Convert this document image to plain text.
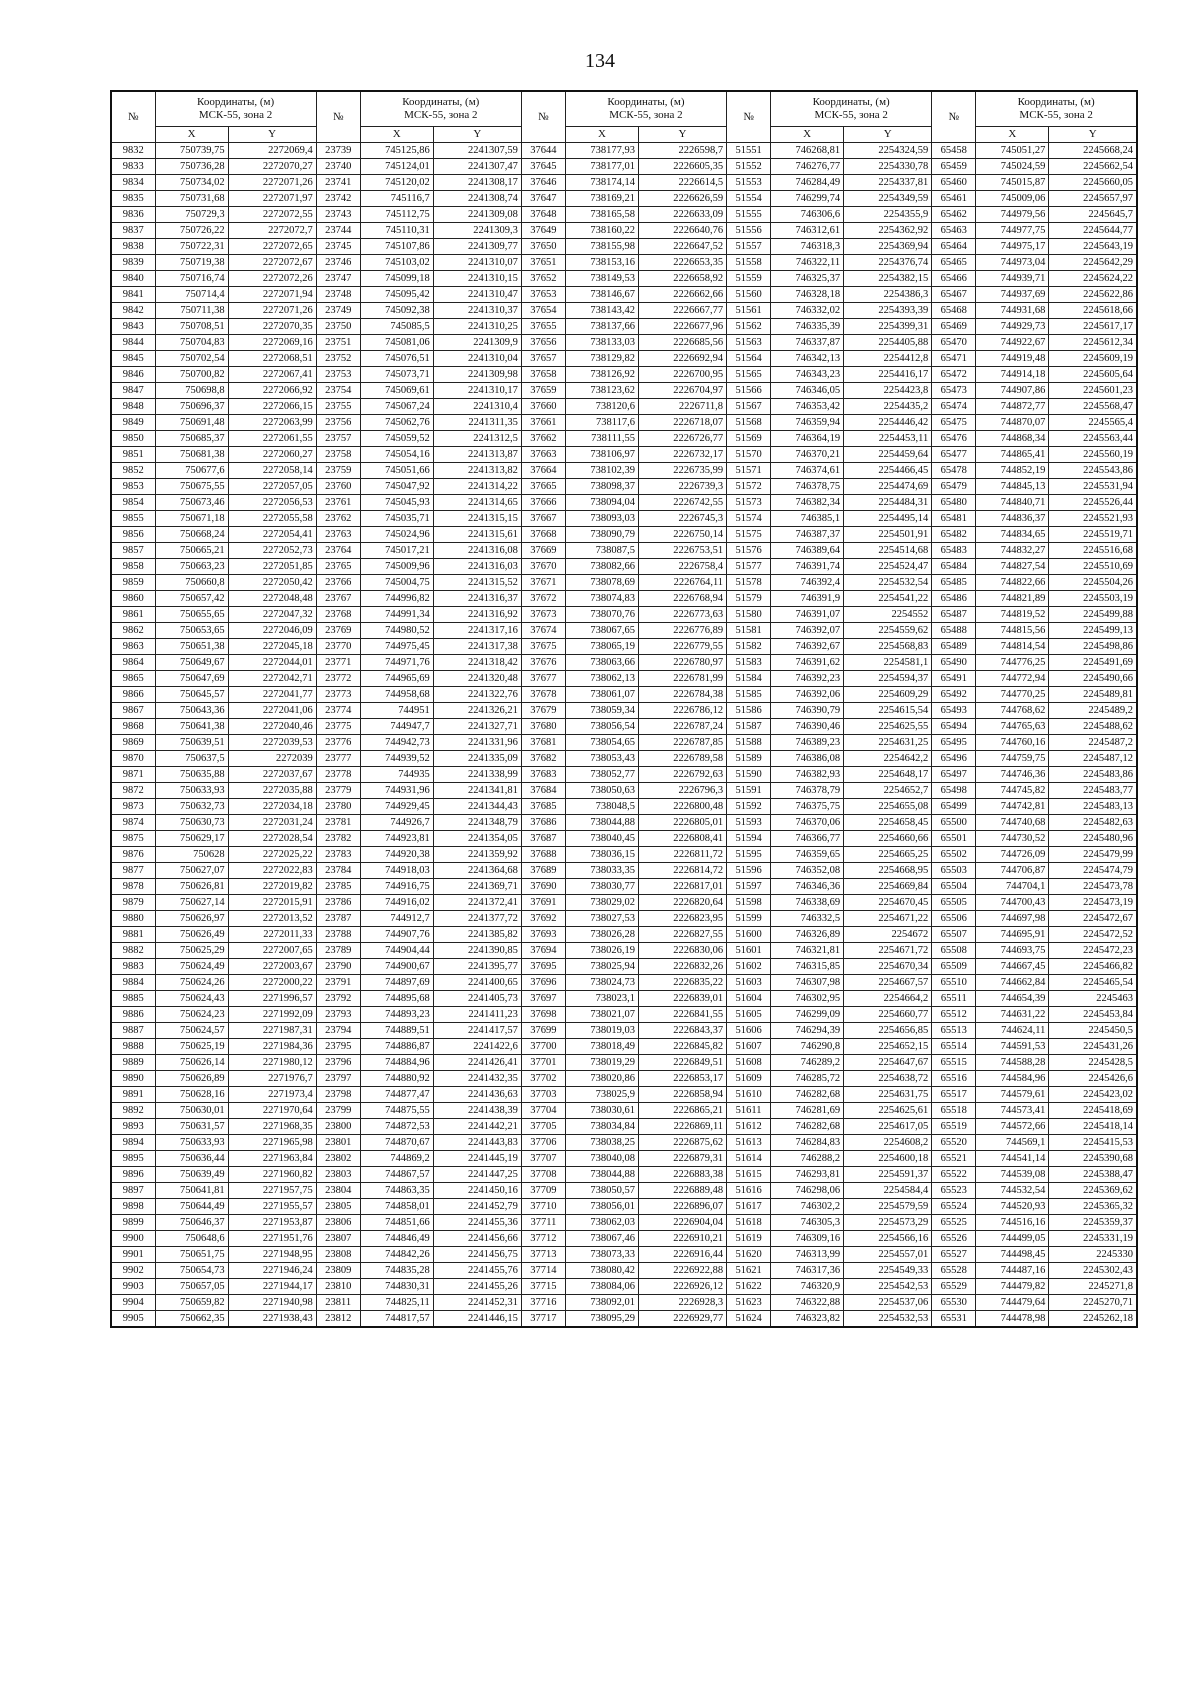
134
№	Координаты, (м)
МСК-55, зона 2		№	Координаты, (м)
МСК-55, зона 2		№	Координаты, (м)
МСК-55, зона 2		№	Координаты, (м)
МСК-55, зона 2		№	Координаты, (м)
МСК-55, зона 2	
	X	Y		X	Y		X	Y		X	Y		X	Y
9832	750739,75	2272069,4	23739	745125,86	2241307,59	37644	738177,93	2226598,7	51551	746268,81	2254324,59	65458	745051,27	2245668,24
9833	750736,28	2272070,27	23740	745124,01	2241307,47	37645	738177,01	2226605,35	51552	746276,77	2254330,78	65459	745024,59	2245662,54
9834	750734,02	2272071,26	23741	745120,02	2241308,17	37646	738174,14	2226614,5	51553	746284,49	2254337,81	65460	745015,87	2245660,05
9835	750731,68	2272071,97	23742	745116,7	2241308,74	37647	738169,21	2226626,59	51554	746299,74	2254349,59	65461	745009,06	2245657,97
9836	750729,3	2272072,55	23743	745112,75	2241309,08	37648	738165,58	2226633,09	51555	746306,6	2254355,9	65462	744979,56	2245645,7
9837	750726,22	2272072,7	23744	745110,31	2241309,3	37649	738160,22	2226640,76	51556	746312,61	2254362,92	65463	744977,75	2245644,77
9838	750722,31	2272072,65	23745	745107,86	2241309,77	37650	738155,98	2226647,52	51557	746318,3	2254369,94	65464	744975,17	2245643,19
9839	750719,38	2272072,67	23746	745103,02	2241310,07	37651	738153,16	2226653,35	51558	746322,11	2254376,74	65465	744973,04	2245642,29
9840	750716,74	2272072,26	23747	745099,18	2241310,15	37652	738149,53	2226658,92	51559	746325,37	2254382,15	65466	744939,71	2245624,22
9841	750714,4	2272071,94	23748	745095,42	2241310,47	37653	738146,67	2226662,66	51560	746328,18	2254386,3	65467	744937,69	2245622,86
9842	750711,38	2272071,26	23749	745092,38	2241310,37	37654	738143,42	2226667,77	51561	746332,02	2254393,39	65468	744931,68	2245618,66
9843	750708,51	2272070,35	23750	745085,5	2241310,25	37655	738137,66	2226677,96	51562	746335,39	2254399,31	65469	744929,73	2245617,17
9844	750704,83	2272069,16	23751	745081,06	2241309,9	37656	738133,03	2226685,56	51563	746337,87	2254405,88	65470	744922,67	2245612,34
9845	750702,54	2272068,51	23752	745076,51	2241310,04	37657	738129,82	2226692,94	51564	746342,13	2254412,8	65471	744919,48	2245609,19
9846	750700,82	2272067,41	23753	745073,71	2241309,98	37658	738126,92	2226700,95	51565	746343,23	2254416,17	65472	744914,18	2245605,64
9847	750698,8	2272066,92	23754	745069,61	2241310,17	37659	738123,62	2226704,97	51566	746346,05	2254423,8	65473	744907,86	2245601,23
9848	750696,37	2272066,15	23755	745067,24	2241310,4	37660	738120,6	2226711,8	51567	746353,42	2254435,2	65474	744872,77	2245568,47
9849	750691,48	2272063,99	23756	745062,76	2241311,35	37661	738117,6	2226718,07	51568	746359,94	2254446,42	65475	744870,07	2245565,4
9850	750685,37	2272061,55	23757	745059,52	2241312,5	37662	738111,55	2226726,77	51569	746364,19	2254453,11	65476	744868,34	2245563,44
9851	750681,38	2272060,27	23758	745054,16	2241313,87	37663	738106,97	2226732,17	51570	746370,21	2254459,64	65477	744865,41	2245560,19
9852	750677,6	2272058,14	23759	745051,66	2241313,82	37664	738102,39	2226735,99	51571	746374,61	2254466,45	65478	744852,19	2245543,86
9853	750675,55	2272057,05	23760	745047,92	2241314,22	37665	738098,37	2226739,3	51572	746378,75	2254474,69	65479	744845,13	2245531,94
9854	750673,46	2272056,53	23761	745045,93	2241314,65	37666	738094,04	2226742,55	51573	746382,34	2254484,31	65480	744840,71	2245526,44
9855	750671,18	2272055,58	23762	745035,71	2241315,15	37667	738093,03	2226745,3	51574	746385,1	2254495,14	65481	744836,37	2245521,93
9856	750668,24	2272054,41	23763	745024,96	2241315,61	37668	738090,79	2226750,14	51575	746387,37	2254501,91	65482	744834,65	2245519,71
9857	750665,21	2272052,73	23764	745017,21	2241316,08	37669	738087,5	2226753,51	51576	746389,64	2254514,68	65483	744832,27	2245516,68
9858	750663,23	2272051,85	23765	745009,96	2241316,03	37670	738082,66	2226758,4	51577	746391,74	2254524,47	65484	744827,54	2245510,69
9859	750660,8	2272050,42	23766	745004,75	2241315,52	37671	738078,69	2226764,11	51578	746392,4	2254532,54	65485	744822,66	2245504,26
9860	750657,42	2272048,48	23767	744996,82	2241316,37	37672	738074,83	2226768,94	51579	746391,9	2254541,22	65486	744821,89	2245503,19
9861	750655,65	2272047,32	23768	744991,34	2241316,92	37673	738070,76	2226773,63	51580	746391,07	2254552	65487	744819,52	2245499,88
9862	750653,65	2272046,09	23769	744980,52	2241317,16	37674	738067,65	2226776,89	51581	746392,07	2254559,62	65488	744815,56	2245499,13
9863	750651,38	2272045,18	23770	744975,45	2241317,38	37675	738065,19	2226779,55	51582	746392,67	2254568,83	65489	744814,54	2245498,86
9864	750649,67	2272044,01	23771	744971,76	2241318,42	37676	738063,66	2226780,97	51583	746391,62	2254581,1	65490	744776,25	2245491,69
9865	750647,69	2272042,71	23772	744965,69	2241320,48	37677	738062,13	2226781,99	51584	746392,23	2254594,37	65491	744772,94	2245490,66
9866	750645,57	2272041,77	23773	744958,68	2241322,76	37678	738061,07	2226784,38	51585	746392,06	2254609,29	65492	744770,25	2245489,81
9867	750643,36	2272041,06	23774	744951	2241326,21	37679	738059,34	2226786,12	51586	746390,79	2254615,54	65493	744768,62	2245489,2
9868	750641,38	2272040,46	23775	744947,7	2241327,71	37680	738056,54	2226787,24	51587	746390,46	2254625,55	65494	744765,63	2245488,62
9869	750639,51	2272039,53	23776	744942,73	2241331,96	37681	738054,65	2226787,85	51588	746389,23	2254631,25	65495	744760,16	2245487,2
9870	750637,5	2272039	23777	744939,52	2241335,09	37682	738053,43	2226789,58	51589	746386,08	2254642,2	65496	744759,75	2245487,12
9871	750635,88	2272037,67	23778	744935	2241338,99	37683	738052,77	2226792,63	51590	746382,93	2254648,17	65497	744746,36	2245483,86
9872	750633,93	2272035,88	23779	744931,96	2241341,81	37684	738050,63	2226796,3	51591	746378,79	2254652,7	65498	744745,82	2245483,77
9873	750632,73	2272034,18	23780	744929,45	2241344,43	37685	738048,5	2226800,48	51592	746375,75	2254655,08	65499	744742,81	2245483,13
9874	750630,73	2272031,24	23781	744926,7	2241348,79	37686	738044,88	2226805,01	51593	746370,06	2254658,45	65500	744740,68	2245482,63
9875	750629,17	2272028,54	23782	744923,81	2241354,05	37687	738040,45	2226808,41	51594	746366,77	2254660,66	65501	744730,52	2245480,96
9876	750628	2272025,22	23783	744920,38	2241359,92	37688	738036,15	2226811,72	51595	746359,65	2254665,25	65502	744726,09	2245479,99
9877	750627,07	2272022,83	23784	744918,03	2241364,68	37689	738033,35	2226814,72	51596	746352,08	2254668,95	65503	744706,87	2245474,79
9878	750626,81	2272019,82	23785	744916,75	2241369,71	37690	738030,77	2226817,01	51597	746346,36	2254669,84	65504	744704,1	2245473,78
9879	750627,14	2272015,91	23786	744916,02	2241372,41	37691	738029,02	2226820,64	51598	746338,69	2254670,45	65505	744700,43	2245473,19
9880	750626,97	2272013,52	23787	744912,7	2241377,72	37692	738027,53	2226823,95	51599	746332,5	2254671,22	65506	744697,98	2245472,67
9881	750626,49	2272011,33	23788	744907,76	2241385,82	37693	738026,28	2226827,55	51600	746326,89	2254672	65507	744695,91	2245472,52
9882	750625,29	2272007,65	23789	744904,44	2241390,85	37694	738026,19	2226830,06	51601	746321,81	2254671,72	65508	744693,75	2245472,23
9883	750624,49	2272003,67	23790	744900,67	2241395,77	37695	738025,94	2226832,26	51602	746315,85	2254670,34	65509	744667,45	2245466,82
9884	750624,26	2272000,22	23791	744897,69	2241400,65	37696	738024,73	2226835,22	51603	746307,98	2254667,57	65510	744662,84	2245465,54
9885	750624,43	2271996,57	23792	744895,68	2241405,73	37697	738023,1	2226839,01	51604	746302,95	2254664,2	65511	744654,39	2245463
9886	750624,23	2271992,09	23793	744893,23	2241411,23	37698	738021,07	2226841,55	51605	746299,09	2254660,77	65512	744631,22	2245453,84
9887	750624,57	2271987,31	23794	744889,51	2241417,57	37699	738019,03	2226843,37	51606	746294,39	2254656,85	65513	744624,11	2245450,5
9888	750625,19	2271984,36	23795	744886,87	2241422,6	37700	738018,49	2226845,82	51607	746290,8	2254652,15	65514	744591,53	2245431,26
9889	750626,14	2271980,12	23796	744884,96	2241426,41	37701	738019,29	2226849,51	51608	746289,2	2254647,67	65515	744588,28	2245428,5
9890	750626,89	2271976,7	23797	744880,92	2241432,35	37702	738020,86	2226853,17	51609	746285,72	2254638,72	65516	744584,96	2245426,6
9891	750628,16	2271973,4	23798	744877,47	2241436,63	37703	738025,9	2226858,94	51610	746282,68	2254631,75	65517	744579,61	2245423,02
9892	750630,01	2271970,64	23799	744875,55	2241438,39	37704	738030,61	2226865,21	51611	746281,69	2254625,61	65518	744573,41	2245418,69
9893	750631,57	2271968,35	23800	744872,53	2241442,21	37705	738034,84	2226869,11	51612	746282,68	2254617,05	65519	744572,66	2245418,14
9894	750633,93	2271965,98	23801	744870,67	2241443,83	37706	738038,25	2226875,62	51613	746284,83	2254608,2	65520	744569,1	2245415,53
9895	750636,44	2271963,84	23802	744869,2	2241445,19	37707	738040,08	2226879,31	51614	746288,2	2254600,18	65521	744541,14	2245390,68
9896	750639,49	2271960,82	23803	744867,57	2241447,25	37708	738044,88	2226883,38	51615	746293,81	2254591,37	65522	744539,08	2245388,47
9897	750641,81	2271957,75	23804	744863,35	2241450,16	37709	738050,57	2226889,48	51616	746298,06	2254584,4	65523	744532,54	2245369,62
9898	750644,49	2271955,57	23805	744858,01	2241452,79	37710	738056,01	2226896,07	51617	746302,2	2254579,59	65524	744520,93	2245365,32
9899	750646,37	2271953,87	23806	744851,66	2241455,36	37711	738062,03	2226904,04	51618	746305,3	2254573,29	65525	744516,16	2245359,37
9900	750648,6	2271951,76	23807	744846,49	2241456,66	37712	738067,46	2226910,21	51619	746309,16	2254566,16	65526	744499,05	2245331,19
9901	750651,75	2271948,95	23808	744842,26	2241456,75	37713	738073,33	2226916,44	51620	746313,99	2254557,01	65527	744498,45	2245330
9902	750654,73	2271946,24	23809	744835,28	2241455,76	37714	738080,42	2226922,88	51621	746317,36	2254549,33	65528	744487,16	2245302,43
9903	750657,05	2271944,17	23810	744830,31	2241455,26	37715	738084,06	2226926,12	51622	746320,9	2254542,53	65529	744479,82	2245271,8
9904	750659,82	2271940,98	23811	744825,11	2241452,31	37716	738092,01	2226928,3	51623	746322,88	2254537,06	65530	744479,64	2245270,71
9905	750662,35	2271938,43	23812	744817,57	2241446,15	37717	738095,29	2226929,77	51624	746323,82	2254532,53	65531	744478,98	2245262,18
